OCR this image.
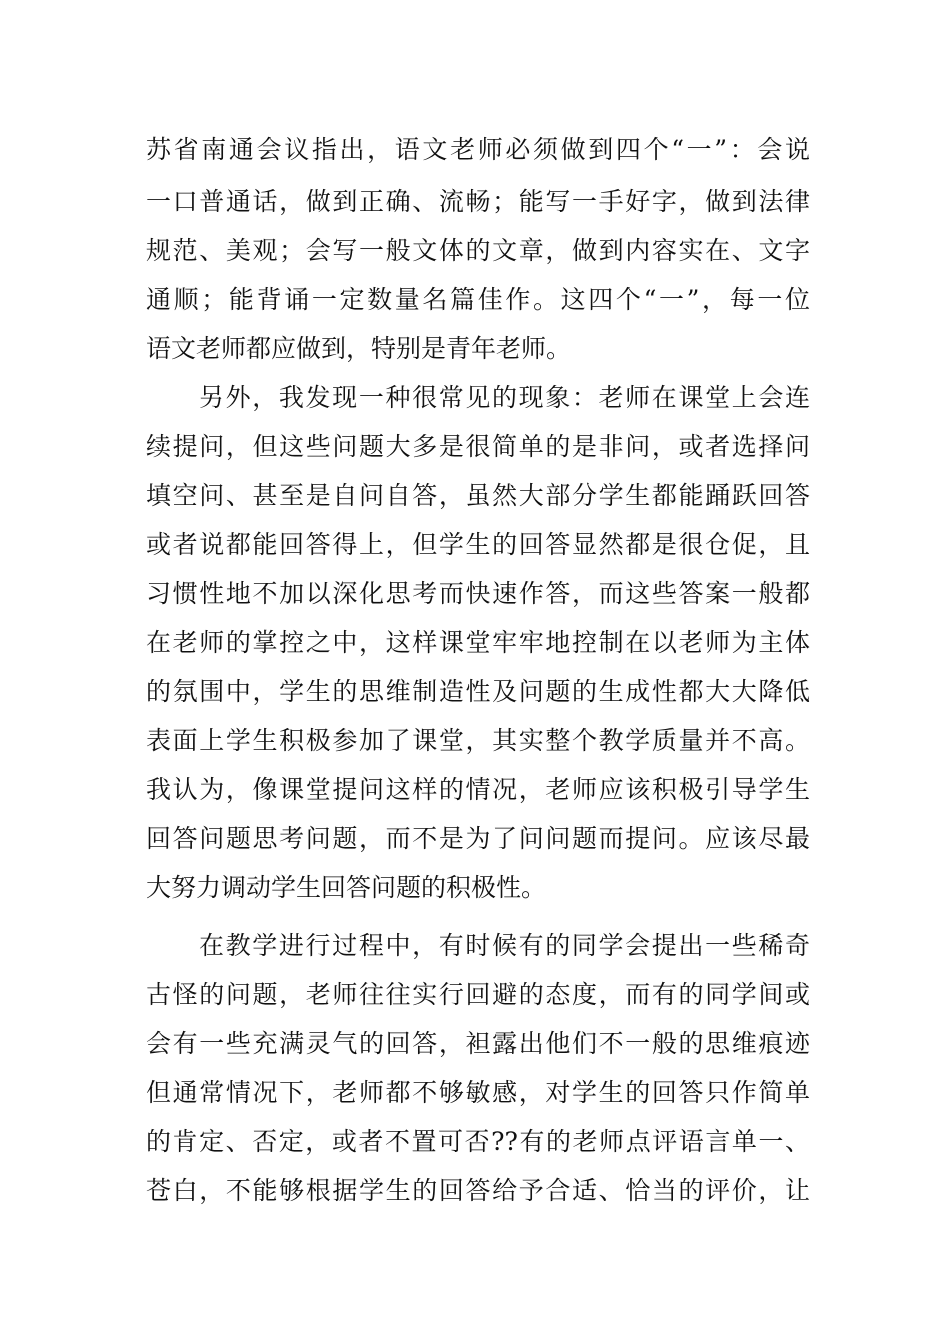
苏省南通会议指出，语文老师必须做到四个“一”：会说
一口普通话，做到正确、流畅；能写一手好字，做到法律
规范、美观；会写一般文体的文章，做到内容实在、文字
通顺；能背诵一定数量名篇佳作。这四个“一”，每一位
语文老师都应做到，特别是青年老师。
另外，我发现一种很常见的现象：老师在课堂上会连
续提问，但这些问题大多是很简单的是非问，或者选择问
填空问、甚至是自问自答，虽然大部分学生都能踊跃回答
或者说都能回答得上，但学生的回答显然都是很仓促，且
习惯性地不加以深化思考而快速作答，而这些答案一般都
在老师的掌控之中，这样课堂牢牢地控制在以老师为主体
的氛围中，学生的思维制造性及问题的生成性都大大降低
表面上学生积极参加了课堂，其实整个教学质量并不高。
我认为，像课堂提问这样的情况，老师应该积极引导学生
回答问题思考问题，而不是为了问问题而提问。应该尽最
大努力调动学生回答问题的积极性。
在教学进行过程中，有时候有的同学会提出一些稀奇
古怪的问题，老师往往实行回避的态度，而有的同学间或
会有一些充满灵气的回答，袒露出他们不一般的思维痕迹
但通常情况下，老师都不够敏感，对学生的回答只作简单
的肯定、否定，或者不置可否??有的老师点评语言单一、
苍白，不能够根据学生的回答给予合适、恰当的评价，让
